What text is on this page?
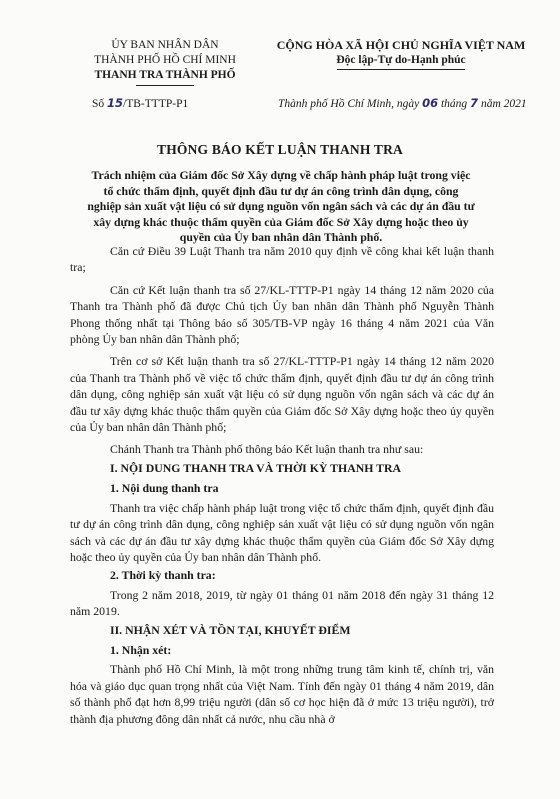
ỦY BAN NHÂN DÂN
THÀNH PHỐ HỒ CHÍ MINH
THANH TRA THÀNH PHỐ
CỘNG HÒA XÃ HỘI CHỦ NGHĨA VIỆT NAM
Độc lập-Tự do-Hạnh phúc
Số 15/TB-TTTP-P1	Thành phố Hồ Chí Minh, ngày 06 tháng 7 năm 2021
THÔNG BÁO KẾT LUẬN THANH TRA
Trách nhiệm của Giám đốc Sở Xây dựng về chấp hành pháp luật trong việc tổ chức thẩm định, quyết định đầu tư dự án công trình dân dụng, công nghiệp sản xuất vật liệu có sử dụng nguồn vốn ngân sách và các dự án đầu tư xây dựng khác thuộc thẩm quyền của Giám đốc Sở Xây dựng hoặc theo ủy quyền của Ủy ban nhân dân Thành phố.

Căn cứ Điều 39 Luật Thanh tra năm 2010 quy định về công khai kết luận thanh tra;

Căn cứ Kết luận thanh tra số 27/KL-TTTP-P1 ngày 14 tháng 12 năm 2020 của Thanh tra Thành phố đã được Chủ tịch Ủy ban nhân dân Thành phố Nguyễn Thành Phong thống nhất tại Thông báo số 305/TB-VP ngày 16 tháng 4 năm 2021 của Văn phòng Ủy ban nhân dân Thành phố;

Trên cơ sở Kết luận thanh tra số 27/KL-TTTP-P1 ngày 14 tháng 12 năm 2020 của Thanh tra Thành phố về việc tổ chức thẩm định, quyết định đầu tư dự án công trình dân dụng, công nghiệp sản xuất vật liệu có sử dụng nguồn vốn ngân sách và các dự án đầu tư xây dựng khác thuộc thẩm quyền của Giám đốc Sở Xây dựng hoặc theo ủy quyền của Ủy ban nhân dân Thành phố;

Chánh Thanh tra Thành phố thông báo Kết luận thanh tra như sau:

I. NỘI DUNG THANH TRA VÀ THỜI KỲ THANH TRA
1. Nội dung thanh tra

Thanh tra việc chấp hành pháp luật trong việc tổ chức thẩm định, quyết định đầu tư dự án công trình dân dụng, công nghiệp sản xuất vật liệu có sử dụng nguồn vốn ngân sách và các dự án đầu tư xây dựng khác thuộc thẩm quyền của Giám đốc Sở Xây dựng hoặc theo ủy quyền của Ủy ban nhân dân Thành phố.

2. Thời kỳ thanh tra:

Trong 2 năm 2018, 2019, từ ngày 01 tháng 01 năm 2018 đến ngày 31 tháng 12 năm 2019.

II. NHẬN XÉT VÀ TỒN TẠI, KHUYẾT ĐIỂM
1. Nhận xét:

Thành phố Hồ Chí Minh, là một trong những trung tâm kinh tế, chính trị, văn hóa và giáo dục quan trọng nhất của Việt Nam. Tính đến ngày 01 tháng 4 năm 2019, dân số thành phố đạt hơn 8,99 triệu người (dân số cơ học hiện đã ở mức 13 triệu người), trở thành địa phương đông dân nhất cả nước, nhu cầu nhà ở
